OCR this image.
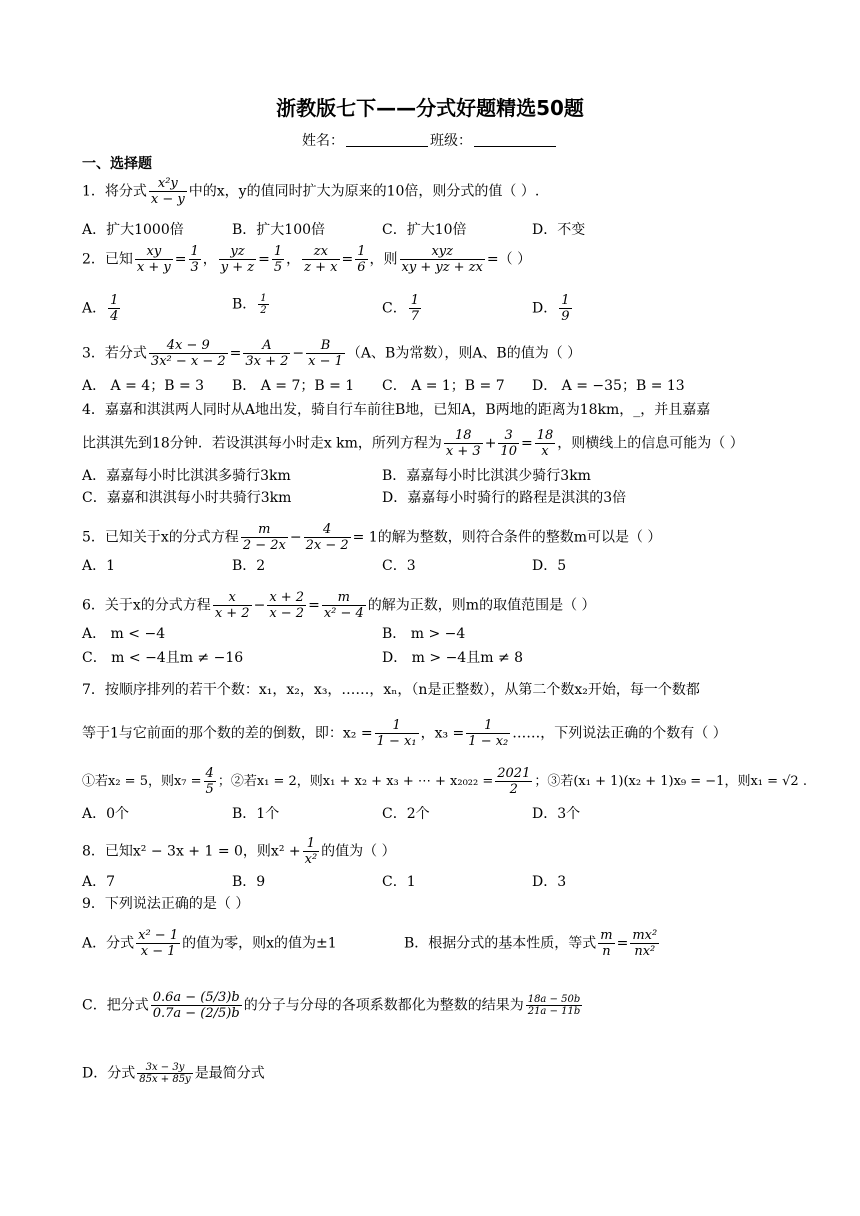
浙教版七下——分式好题精选50题
姓名：	班级：
一、选择题
1．将分式 $\frac{\text{x²y}}{x - y}$ 中的x，y的值同时扩大为原来的10倍，则分式的值（ ）.
A．扩大1000倍	B．扩大100倍	C．扩大10倍	D．不变
2．已知 $\frac{xy}{x + y} = \frac{1}{3}$ ， $\frac{yz}{y + z} = \frac{1}{5}$ ， $\frac{zx}{z + x} = \frac{1}{6}$ ，则 $\frac{\text{xyz}}{xy + yz + zx}$ =（ ）
A． $\frac{1}{4}$	B． $\frac{1}{2}$	C． $\frac{1}{7}$	D． $\frac{1}{9}$
3．若分式 $\frac{4x - 9}{\text{3x² − x − 2}} = \frac{A}{3x + 2} - \frac{B}{x - 1} (A$、B为常数），则A、B的值为（ ）
A． A = 4；B = 3 B． A = 7；B = 1 C． A = 1；B = 7 D． A = −35；B = 13
4．嘉嘉和淇淇两人同时从A地出发，骑自行车前往B地，已知A，B两地的距离为18km，_，并且嘉嘉
比淇淇先到18分钟．若设淇淇每小时走x km，所列方程为 $\frac{18}{x + 3} + \frac{3}{10} = \frac{18}{x}$ ，则横线上的信息可能为（ ）
A．嘉嘉每小时比淇淇多骑行3km	B．嘉嘉每小时比淇淇少骑行3km
C．嘉嘉和淇淇每小时共骑行3km	D．嘉嘉每小时骑行的路程是淇淇的3倍
5．已知关于x的分式方程 $\frac{m}{2 - 2x} - \frac{4}{2x - 2} = 1$的解为整数，则符合条件的整数m可以是（ ）
A．1	B．2	C．3	D．5
6．关于x的分式方程 $\frac{x}{x + 2} - \frac{x + 2}{x - 2} = \frac{m}{\text{x² − 4}}$ 的解为正数，则m的取值范围是（ ）
A． m < −4	B． m > −4
C． m < −4且m ≠ −16	D． m > −4且m ≠ 8
7．按顺序排列的若干个数：x₁，x₂，x₃，……，xₙ，（n是正整数），从第二个数x₂开始，每一个数都
等于1与它前面的那个数的差的倒数，即：$x_2 = \frac{1}{\text{1 − x₁}}$ ，$x_3 = \frac{1}{\text{1 − x₂}}$ ……，下列说法正确的个数有（ ）
①若x₂ = 5，则$x_7 = \frac{4}{5}$ ；②若x₁ = 2，则x₁ + x₂ + x₃ + ⋯ + $x_{2022} = \frac{2021}{2}$ ；③若(x₁ + 1)(x₂ + 1)x₉ = −1，则x₁ = √2 .
A．0个	B．1个	C．2个	D．3个
8．已知x² − 3x + 1 = 0，则$x^2 + \frac{1}{\text{x²}}$ 的值为（ ）
A．7	B．9	C．1	D．3
9．下列说法正确的是（ ）
A．分式 $\frac{\text{x² − 1}}{x - 1}$ 的值为零，则x的值为±1	B．根据分式的基本性质，等式 $\frac{m}{n} = \frac{\text{mx²}}{\text{nx²}}$
C．把分式 $\frac{0.6a - (5/3)b}{0.7a - (2/5)b}$ 的分子与分母的各项系数都化为整数的结果为 $\frac{18a - 50b}{21a - 11b}$
D．分式 $\frac{3x - 3y}{85x + 85y}$ 是最简分式
